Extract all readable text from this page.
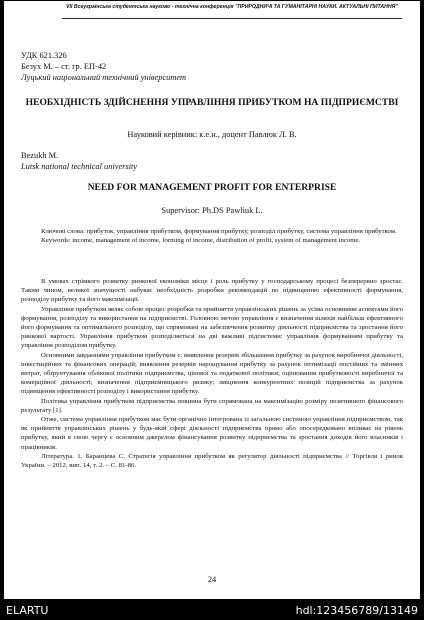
VII Всеукраїнська студентська науково - технічна конференція "ПРИРОДНИЧІ ТА ГУМАНІТАРНІ НАУКИ. АКТУАЛЬНІ ПИТАННЯ"
УДК 621.326
Безух М. – ст. гр. ЕП-42
Луцький національний технічний університет
НЕОБХІДНІСТЬ ЗДІЙСНЕННЯ УПРАВЛІННЯ ПРИБУТКОМ НА ПІДПРИЄМСТВІ
Науковий керівник: к.е.н., доцент Павлюк Л. В.
Bezukh M.
Lutsk national technical university
NEED FOR MANAGEMENT PROFIT FOR ENTERPRISE
Supervisor: Ph.DS Pawliuk L.

Ключові слова: прибуток, управління прибутком, формування прибутку, розподіл прибутку, система управління прибутком.

Keywords: income, management of income, forming of income, distribution of profit, system of management income.

В умовах стрімкого розвитку ринкової економіки місце і роль прибутку у господарському процесі безперервно зростає. Таким чином, великої значущості набуває необхідність розробки рекомендацій по підвищенню ефективності формування, розподілу прибутку та його максимізації.

Управління прибутком являє собою процес розробки та прийняття управлінських рішень за усіма основними аспектами його формування, розподілу та використання на підприємстві. Головною метою управління є визначення шляхів найбільш ефективного його формування та оптимального розподілу, що спрямовані на забезпечення розвитку діяльності підприємства та зростання його ринкової вартості. Управління прибутком розподіляється на дві важливі підсистеми: управління формуванням прибутку та управління розподілом прибутку.

Основними завданнями управління прибутком є: виявлення резервів збільшення прибутку за рахунок виробничої діяльності, інвестиційних та фінансових операцій; виявлення резервів нарощування прибутку за рахунок оптимізації постійних та змінних витрат, обґрунтування облікової політики підприємства, цінової та податкової політики; оцінювання прибутковості виробничої та комерційної діяльності; визначення підприємницького ризику; зміцнення конкурентних позицій підприємства за рахунок підвищення ефективності розподілу і використання прибутку.

Політика управління прибутком підприємства повинна бути спрямована на максимізацію розміру позитивного фінансового результату [1].

Отже, система управління прибутком має бути органічно інтегрована із загальною системою управління підприємством, так як прийняття управлінських рішень у будь-якій сфері діяльності підприємства прямо або опосередковано впливає на рівень прибутку, який в свою чергу є основним джерелом фінансування розвитку підприємства та зростання доходів його власників і працівників.

Література. 1. Баранцева С. Стратегія управління прибутком як регулятор діяльності підприємства // Торгівля і ринок України. – 2012, вип. 14, т. 2. – С. 81-86.

24
ELARTU	hdl:123456789/13149
